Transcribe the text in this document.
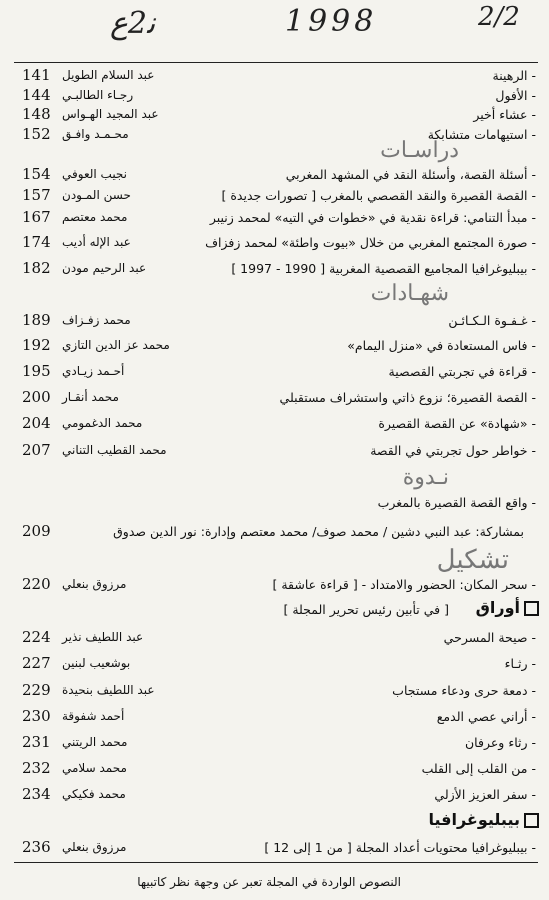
ﻧ2ع	1998	2/2
141 عبد السلام الطويل	- الرهينة
144 رجـاء الطالبـي	- الأفول
148 عبد المجيد الهـواس	- عشاء أخير
152 محـمـد وافـق	- استيهامات متشابكة
دراسـات
154 نجيب العوفي	- أسئلة القصة، وأسئلة النقد في المشهد المغربي
157 حسن المـودن	- القصة القصيرة والنقد القصصي بالمغرب [ تصورات جديدة ]
167 محمد معتصم	- مبدأ التنامي: قراءة نقدية في «خطوات في التيه» لمحمد زنيبر
174 عبد الإله أديب	- صورة المجتمع المغربي من خلال «بيوت واطئة» لمحمد زفزاف
182 عبد الرحيم مودن	- بيبليوغرافيا المجاميع القصصية المغربية [ 1990 - 1997 ]
شهـادات
189 محمد زفـزاف	- غـفـوة الـكـائـن
192 محمد عز الدين التازي	- فاس المستعادة في «منزل اليمام»
195 أحـمد زيـادي	- قراءة في تجربتي القصصية
200 محمد أنقـار	- القصة القصيرة؛ نزوع ذاتي واستشراف مستقبلي
204 محمد الدغمومي	- «شهادة» عن القصة القصيرة
207 محمد القطيب التناني	- خواطر حول تجربتي في القصة
نـدوة
- واقع القصة القصيرة بالمغرب
209	بمشاركة: عبد النبي دشين / محمد صوف/ محمد معتصم وإدارة: نور الدين صدوق
تشكيل
220 مرزوق بنعلي	- سحر المكان: الحضور والامتداد - [ قراءة عاشقة ]
أوراق
[ في تأبين رئيس تحرير المجلة ]
224 عبد اللطيف نذير	- صيحة المسرحي
227 بوشعيب لبنين	- رثـاء
229 عبد اللطيف بنحيدة	- دمعة حرى ودعاء مستجاب
230 أحمد شفوقة	- أراني عصي الدمع
231 محمد الريتني	- رثاء وعرفان
232 محمد سلامي	- من القلب إلى القلب
234 محمد فكيكي	- سفر العزيز الأزلي
بيبليوغرافيا
236 مرزوق بنعلي	- بيبليوغرافيا محتويات أعداد المجلة [ من 1 إلى 12 ]
النصوص الواردة في المجلة تعبر عن وجهة نظر كاتبيها
